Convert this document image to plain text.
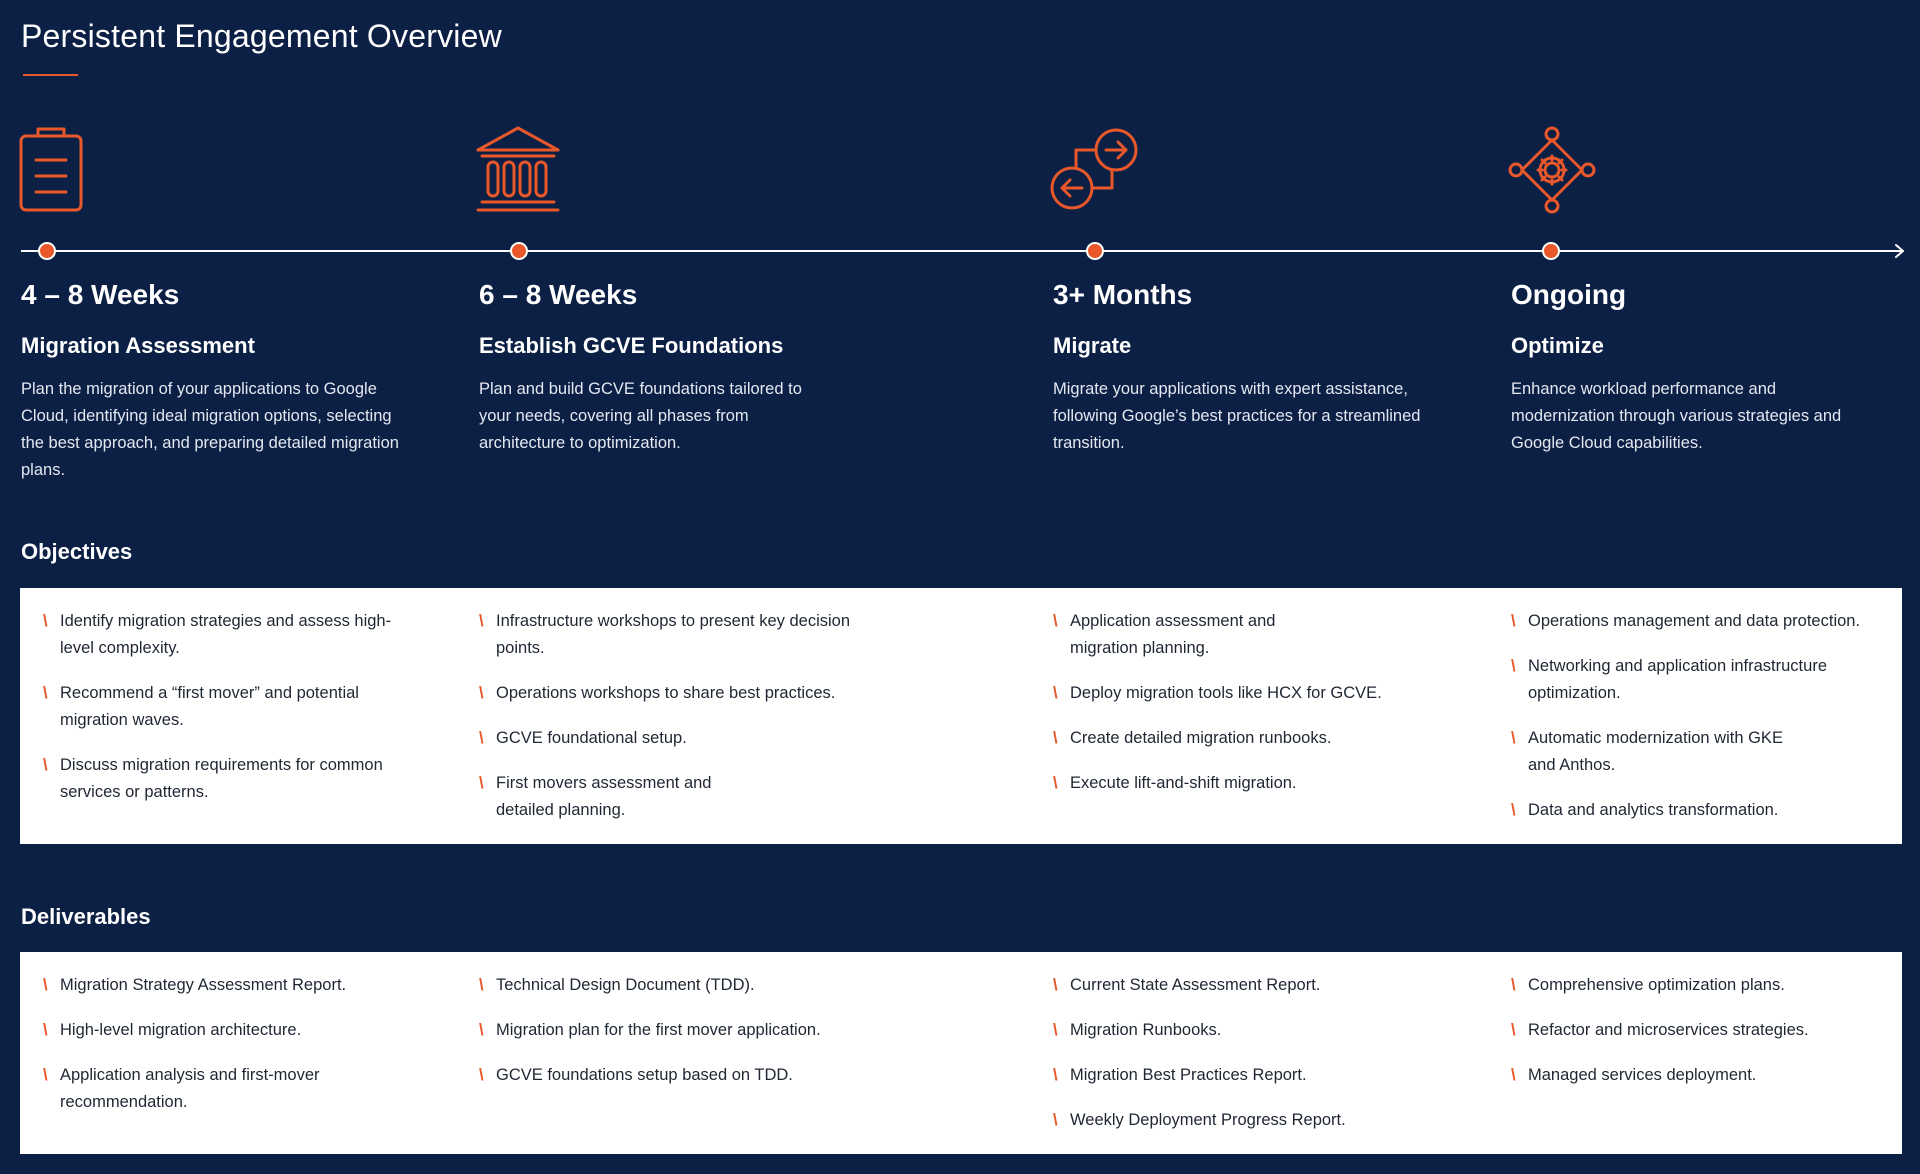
Persistent Engagement Overview
4 – 8 Weeks
Migration Assessment
Plan the migration of your applications to Google Cloud, identifying ideal migration options, selecting the best approach, and preparing detailed migration plans.
6 – 8 Weeks
Establish GCVE Foundations
Plan and build GCVE foundations tailored to your needs, covering all phases from architecture to optimization.
3+ Months
Migrate
Migrate your applications with expert assistance, following Google’s best practices for a streamlined transition.
Ongoing
Optimize
Enhance workload performance and modernization through various strategies and Google Cloud capabilities.
Objectives
\ Identify migration strategies and assess high-level complexity.
\ Recommend a “first mover” and potential migration waves.
\ Discuss migration requirements for common services or patterns.
\ Infrastructure workshops to present key decision points.
\ Operations workshops to share best practices.
\ GCVE foundational setup.
\ First movers assessment and detailed planning.
\ Application assessment and migration planning.
\ Deploy migration tools like HCX for GCVE.
\ Create detailed migration runbooks.
\ Execute lift-and-shift migration.
\ Operations management and data protection.
\ Networking and application infrastructure optimization.
\ Automatic modernization with GKE and Anthos.
\ Data and analytics transformation.
Deliverables
\ Migration Strategy Assessment Report.
\ High-level migration architecture.
\ Application analysis and first-mover recommendation.
\ Technical Design Document (TDD).
\ Migration plan for the first mover application.
\ GCVE foundations setup based on TDD.
\ Current State Assessment Report.
\ Migration Runbooks.
\ Migration Best Practices Report.
\ Weekly Deployment Progress Report.
\ Comprehensive optimization plans.
\ Refactor and microservices strategies.
\ Managed services deployment.
